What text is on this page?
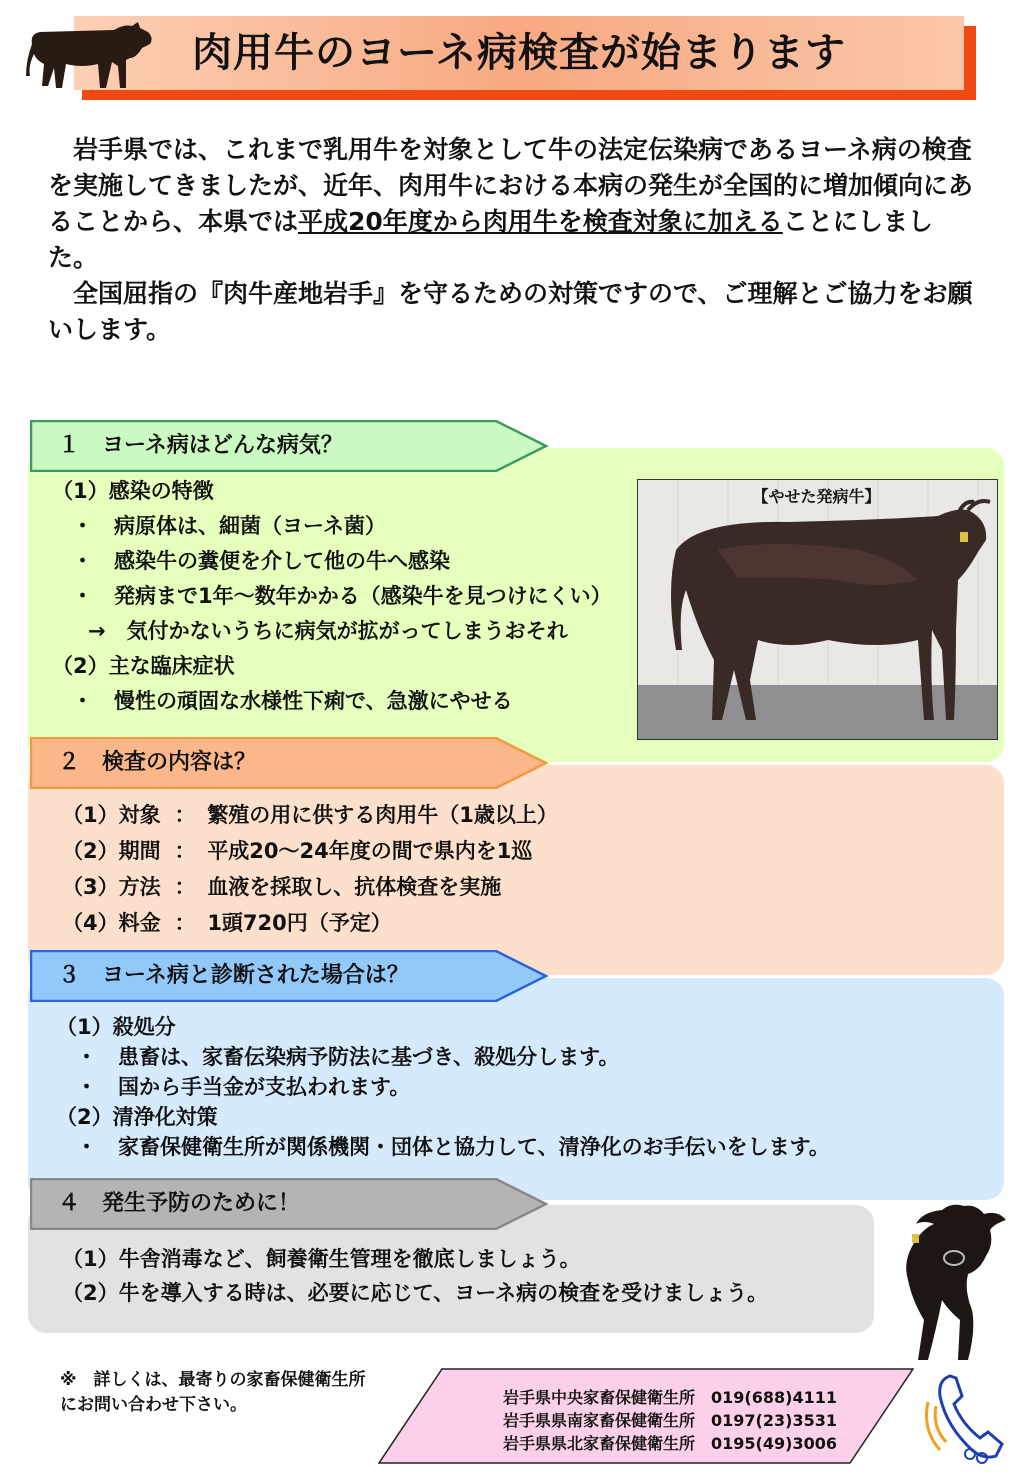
肉用牛のヨーネ病検査が始まります

岩手県では、これまで乳用牛を対象として牛の法定伝染病であるヨーネ病の検査を実施してきましたが、近年、肉用牛における本病の発生が全国的に増加傾向にあることから、本県では平成20年度から肉用牛を検査対象に加えることにしました。

全国屈指の『肉牛産地岩手』を守るための対策ですので、ご理解とご協力をお願いします。

１　ヨーネ病はどんな病気？
（1）感染の特徴
・　病原体は、細菌（ヨーネ菌）
・　感染牛の糞便を介して他の牛へ感染
・　発病まで1年～数年かかる（感染牛を見つけにくい）
→　気付かないうちに病気が拡がってしまうおそれ
（2）主な臨床症状
・　慢性の頑固な水様性下痢で、急激にやせる
【やせた発病牛】
２　検査の内容は？
（1）対象 ： 繁殖の用に供する肉用牛（1歳以上）
（2）期間 ： 平成20～24年度の間で県内を1巡
（3）方法 ： 血液を採取し、抗体検査を実施
（4）料金 ： 1頭720円（予定）
３　ヨーネ病と診断された場合は？
（1）殺処分
・　患畜は、家畜伝染病予防法に基づき、殺処分します。
・　国から手当金が支払われます。
（2）清浄化対策
・　家畜保健衛生所が関係機関・団体と協力して、清浄化のお手伝いをします。
４　発生予防のために！
（1）牛舎消毒など、飼養衛生管理を徹底しましょう。
（2）牛を導入する時は、必要に応じて、ヨーネ病の検査を受けましょう。
※　詳しくは、最寄りの家畜保健衛生所
にお問い合わせ下さい。	岩手県中央家畜保健衛生所　019(688)4111
岩手県県南家畜保健衛生所　0197(23)3531
岩手県県北家畜保健衛生所　0195(49)3006
